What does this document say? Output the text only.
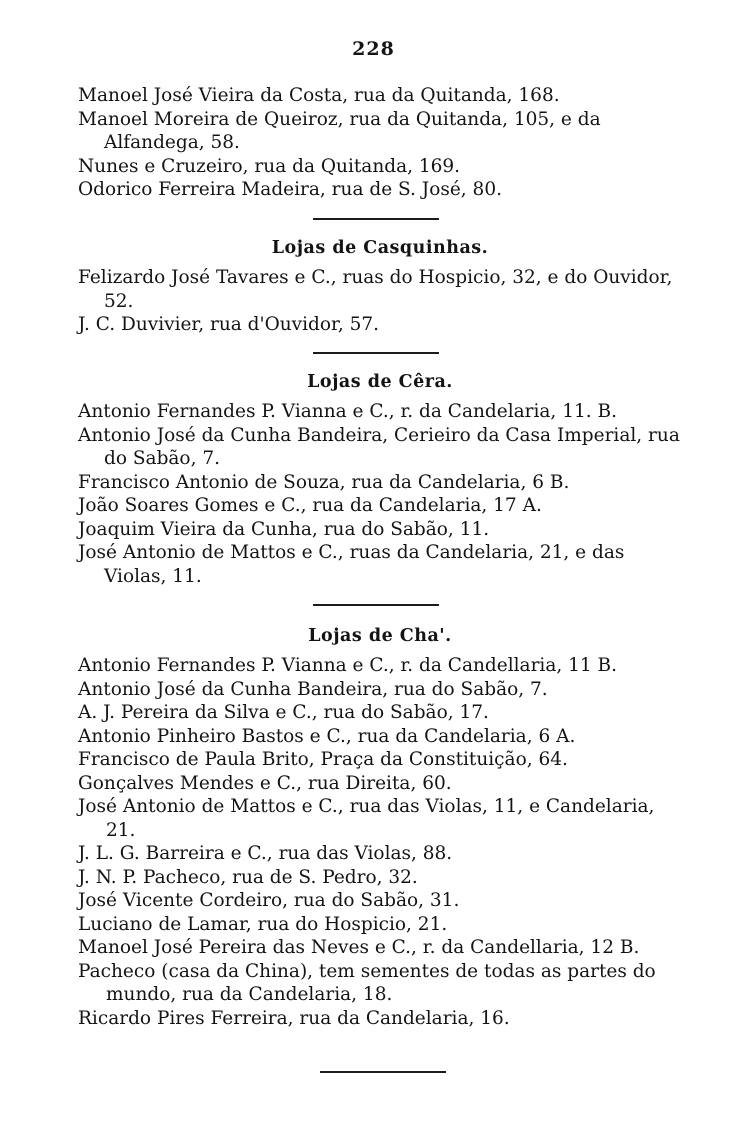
228

Manoel José Vieira da Costa, rua da Quitanda, 168.

Manoel Moreira de Queiroz, rua da Quitanda, 105, e da Alfandega, 58.

Nunes e Cruzeiro, rua da Quitanda, 169.

Odorico Ferreira Madeira, rua de S. José, 80.

Lojas de Casquinhas.

Felizardo José Tavares e C., ruas do Hospicio, 32, e do Ouvidor, 52.

J. C. Duvivier, rua d'Ouvidor, 57.

Lojas de Cêra.

Antonio Fernandes P. Vianna e C., r. da Candelaria, 11. B.

Antonio José da Cunha Bandeira, Cerieiro da Casa Imperial, rua do Sabão, 7.

Francisco Antonio de Souza, rua da Candelaria, 6 B.

João Soares Gomes e C., rua da Candelaria, 17 A.

Joaquim Vieira da Cunha, rua do Sabão, 11.

José Antonio de Mattos e C., ruas da Candelaria, 21, e das Violas, 11.

Lojas de Cha'.

Antonio Fernandes P. Vianna e C., r. da Candellaria, 11 B.

Antonio José da Cunha Bandeira, rua do Sabão, 7.

A. J. Pereira da Silva e C., rua do Sabão, 17.

Antonio Pinheiro Bastos e C., rua da Candelaria, 6 A.

Francisco de Paula Brito, Praça da Constituição, 64.

Gonçalves Mendes e C., rua Direita, 60.

José Antonio de Mattos e C., rua das Violas, 11, e Candelaria, 21.

J. L. G. Barreira e C., rua das Violas, 88.

J. N. P. Pacheco, rua de S. Pedro, 32.

José Vicente Cordeiro, rua do Sabão, 31.

Luciano de Lamar, rua do Hospicio, 21.

Manoel José Pereira das Neves e C., r. da Candellaria, 12 B.

Pacheco (casa da China), tem sementes de todas as partes do mundo, rua da Candelaria, 18.

Ricardo Pires Ferreira, rua da Candelaria, 16.
